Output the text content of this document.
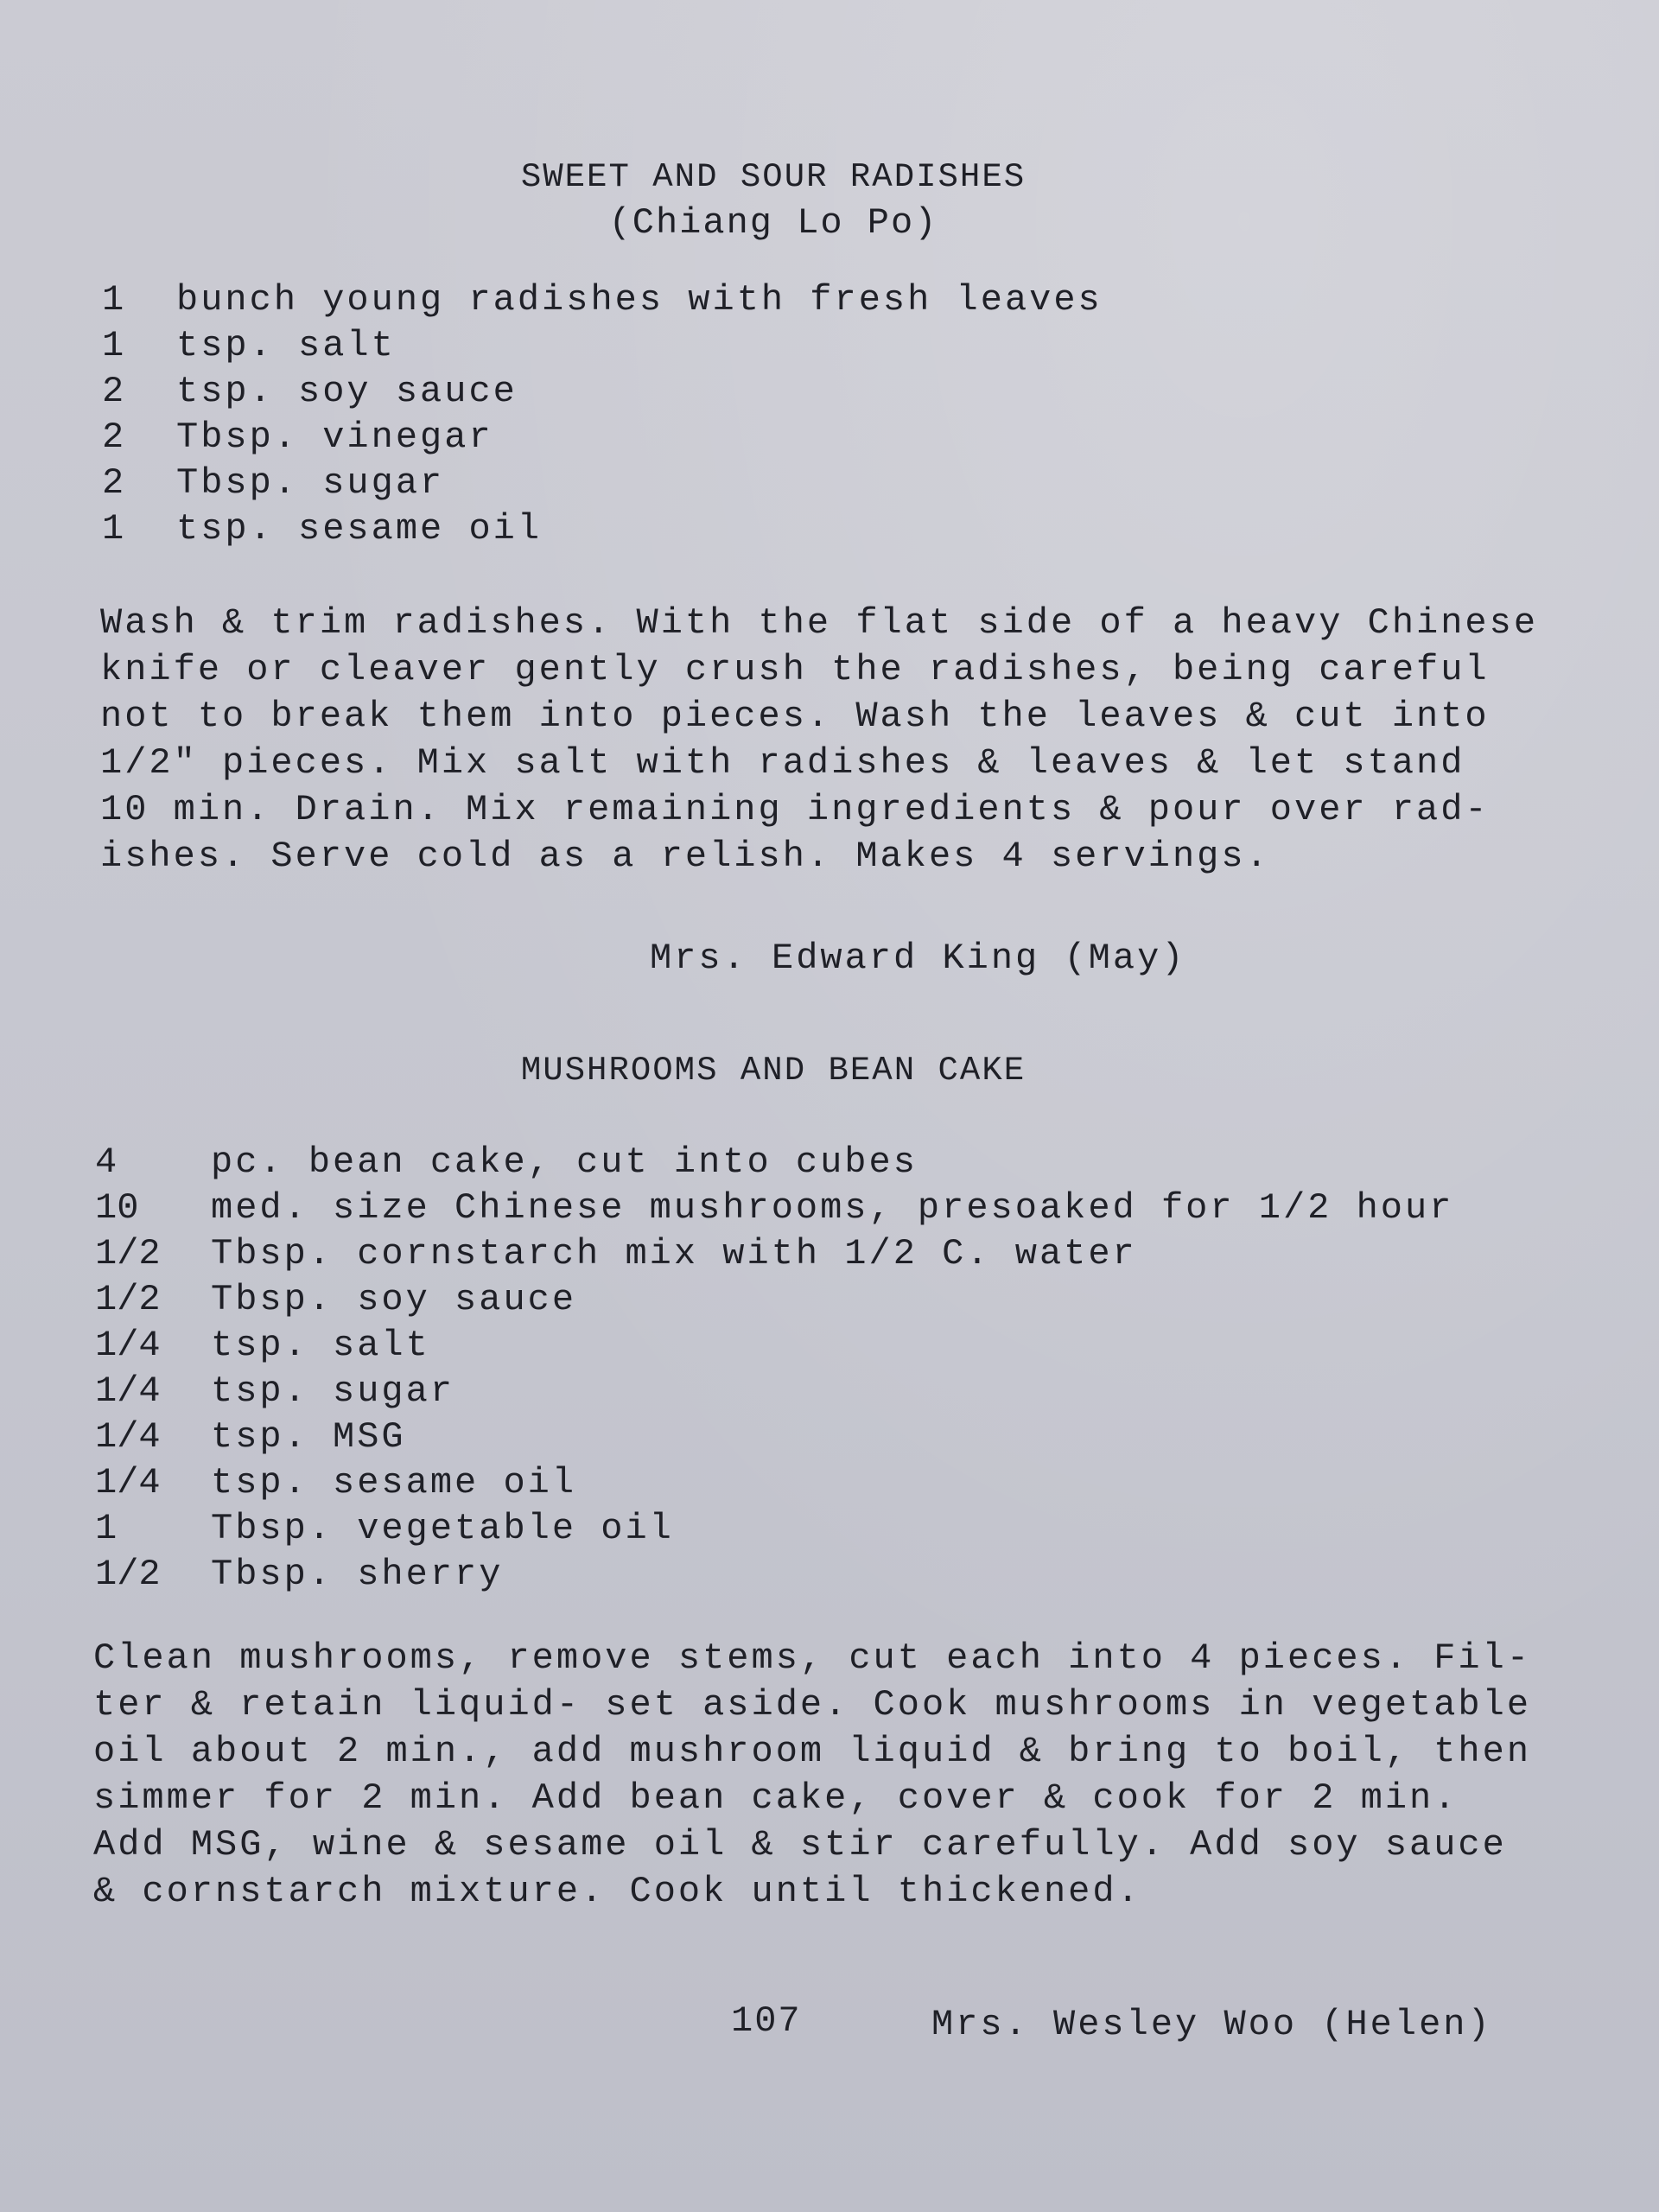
SWEET AND SOUR RADISHES
(Chiang Lo Po)
1	bunch young radishes with fresh leaves
1	tsp. salt
2	tsp. soy sauce
2	Tbsp. vinegar
2	Tbsp. sugar
1	tsp. sesame oil
Wash & trim radishes. With the flat side of a heavy Chinese
knife or cleaver gently crush the radishes, being careful
not to break them into pieces. Wash the leaves & cut into
1/2" pieces. Mix salt with radishes & leaves & let stand
10 min. Drain. Mix remaining ingredients & pour over rad-
ishes. Serve cold as a relish. Makes 4 servings.
Mrs. Edward King (May)
MUSHROOMS AND BEAN CAKE
4	pc. bean cake, cut into cubes
10	med. size Chinese mushrooms, presoaked for 1/2 hour
1/2	Tbsp. cornstarch mix with 1/2 C. water
1/2	Tbsp. soy sauce
1/4	tsp. salt
1/4	tsp. sugar
1/4	tsp. MSG
1/4	tsp. sesame oil
1	Tbsp. vegetable oil
1/2	Tbsp. sherry
Clean mushrooms, remove stems, cut each into 4 pieces. Fil-
ter & retain liquid- set aside. Cook mushrooms in vegetable
oil about 2 min., add mushroom liquid & bring to boil, then
simmer for 2 min. Add bean cake, cover & cook for 2 min.
Add MSG, wine & sesame oil & stir carefully. Add soy sauce
& cornstarch mixture. Cook until thickened.
107	Mrs. Wesley Woo (Helen)
